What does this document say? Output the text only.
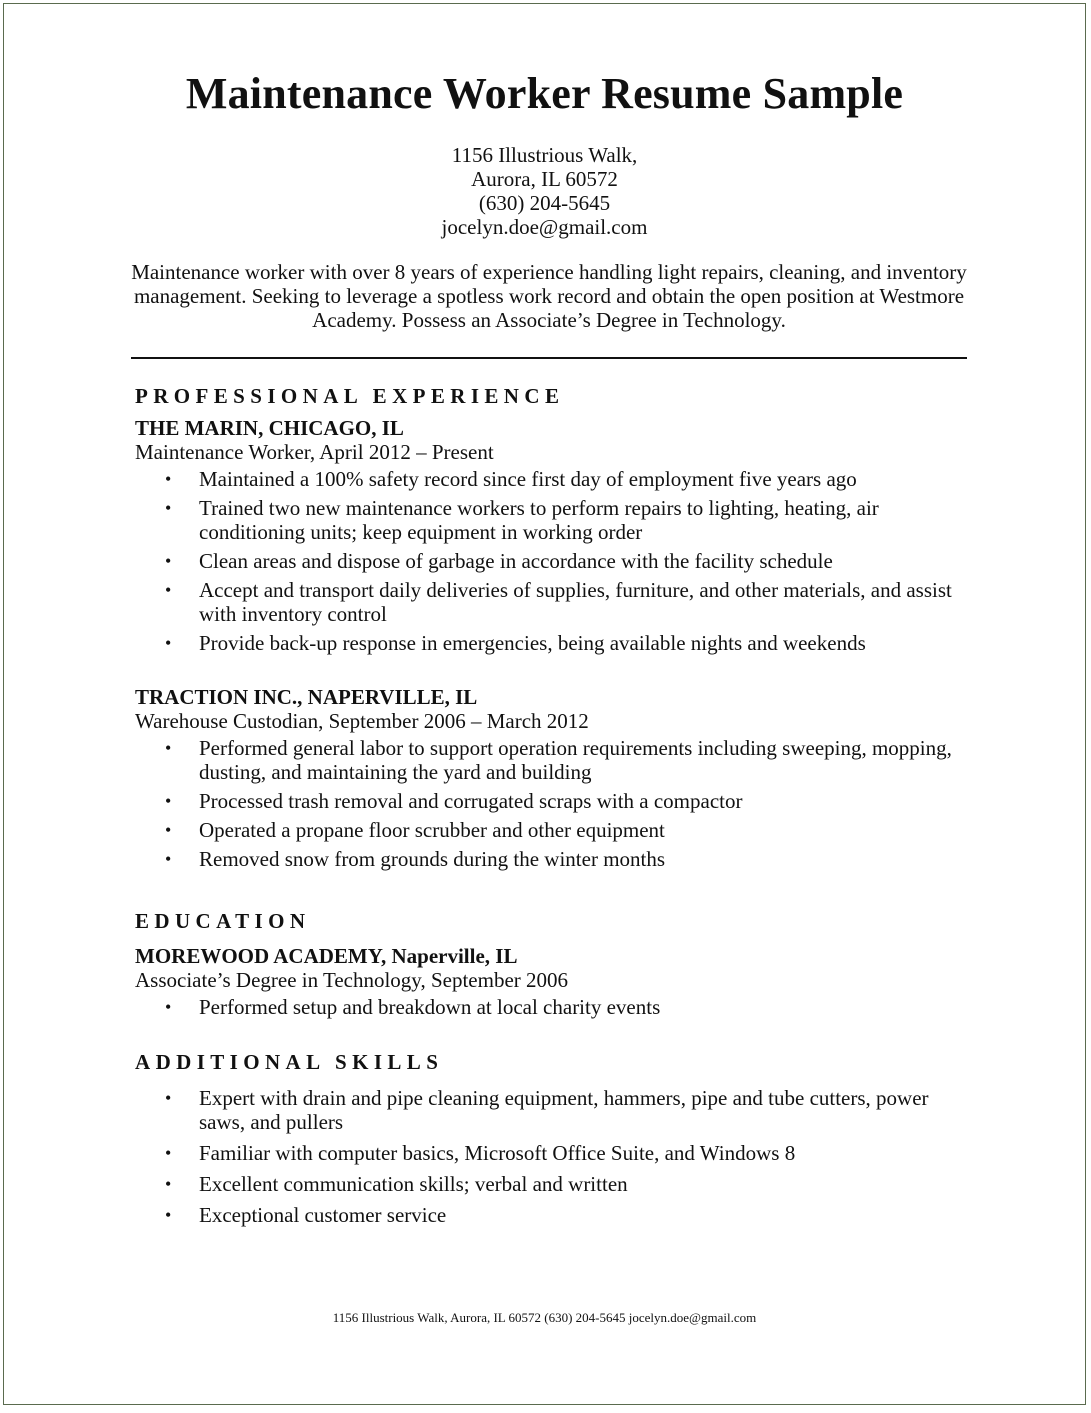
Maintenance Worker Resume Sample
1156 Illustrious Walk,
Aurora, IL 60572
(630) 204-5645
jocelyn.doe@gmail.com
Maintenance worker with over 8 years of experience handling light repairs, cleaning, and inventory management. Seeking to leverage a spotless work record and obtain the open position at Westmore Academy. Possess an Associate’s Degree in Technology.
PROFESSIONAL EXPERIENCE
THE MARIN, CHICAGO, IL
Maintenance Worker, April 2012 – Present
• Maintained a 100% safety record since first day of employment five years ago
• Trained two new maintenance workers to perform repairs to lighting, heating, air conditioning units; keep equipment in working order
• Clean areas and dispose of garbage in accordance with the facility schedule
• Accept and transport daily deliveries of supplies, furniture, and other materials, and assist with inventory control
• Provide back-up response in emergencies, being available nights and weekends
TRACTION INC., NAPERVILLE, IL
Warehouse Custodian, September 2006 – March 2012
• Performed general labor to support operation requirements including sweeping, mopping, dusting, and maintaining the yard and building
• Processed trash removal and corrugated scraps with a compactor
• Operated a propane floor scrubber and other equipment
• Removed snow from grounds during the winter months
EDUCATION
MOREWOOD ACADEMY, Naperville, IL
Associate’s Degree in Technology, September 2006
• Performed setup and breakdown at local charity events
ADDITIONAL SKILLS
• Expert with drain and pipe cleaning equipment, hammers, pipe and tube cutters, power saws, and pullers
• Familiar with computer basics, Microsoft Office Suite, and Windows 8
• Excellent communication skills; verbal and written
• Exceptional customer service
1156 Illustrious Walk, Aurora, IL 60572 (630) 204-5645 jocelyn.doe@gmail.com
